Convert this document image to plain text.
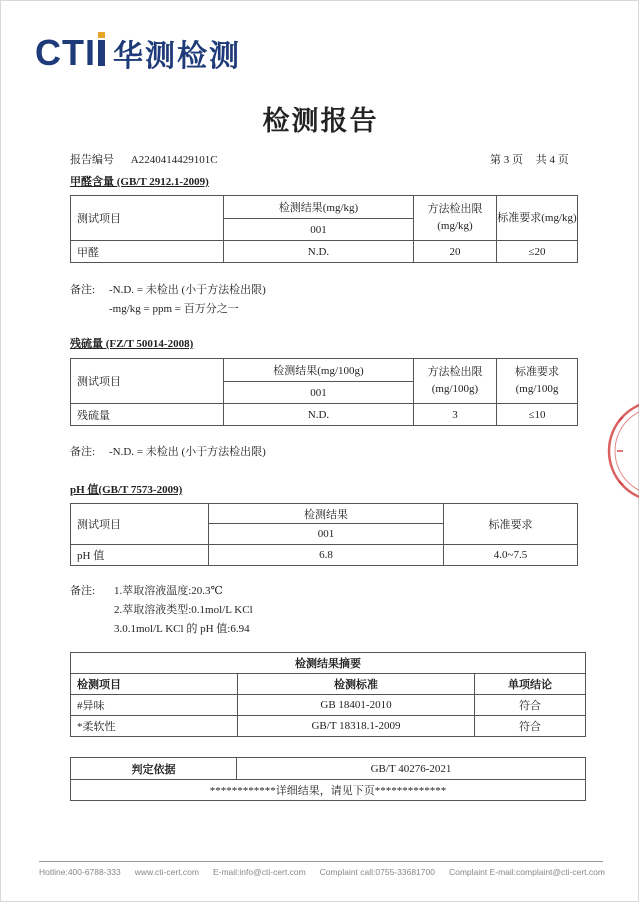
CTI 华测检测
检测报告
报告编号 A2240414429101C	第 3 页 共 4 页
甲醛含量 (GB/T 2912.1-2009)
测试项目	检测结果(mg/kg)	方法检出限(mg/kg)	标准要求(mg/kg)
	001		
甲醛	N.D.	20	≤20
备注: -N.D. = 未检出 (小于方法检出限)
-mg/kg = ppm = 百万分之一
残硫量 (FZ/T 50014-2008)
测试项目	检测结果(mg/100g)	方法检出限(mg/100g)	标准要求(mg/100g
	001		
残硫量	N.D.	3	≤10
备注: -N.D. = 未检出 (小于方法检出限)
pH 值(GB/T 7573-2009)
测试项目	检测结果	标准要求
	001	
pH 值	6.8	4.0~7.5
备注: 1.萃取溶液温度:20.3℃
2.萃取溶液类型:0.1mol/L KCl
3.0.1mol/L KCl 的 pH 值:6.94
检测结果摘要		
检测项目	检测标准	单项结论
#异味	GB 18401-2010	符合
*柔软性	GB/T 18318.1-2009	符合
判定依据	GB/T 40276-2021
************详细结果，请见下页*************
Hotline:400-6788-333 www.cti-cert.com E-mail:info@cti-cert.com Complaint call:0755-33681700 Complaint E-mail:complaint@cti-cert.com
